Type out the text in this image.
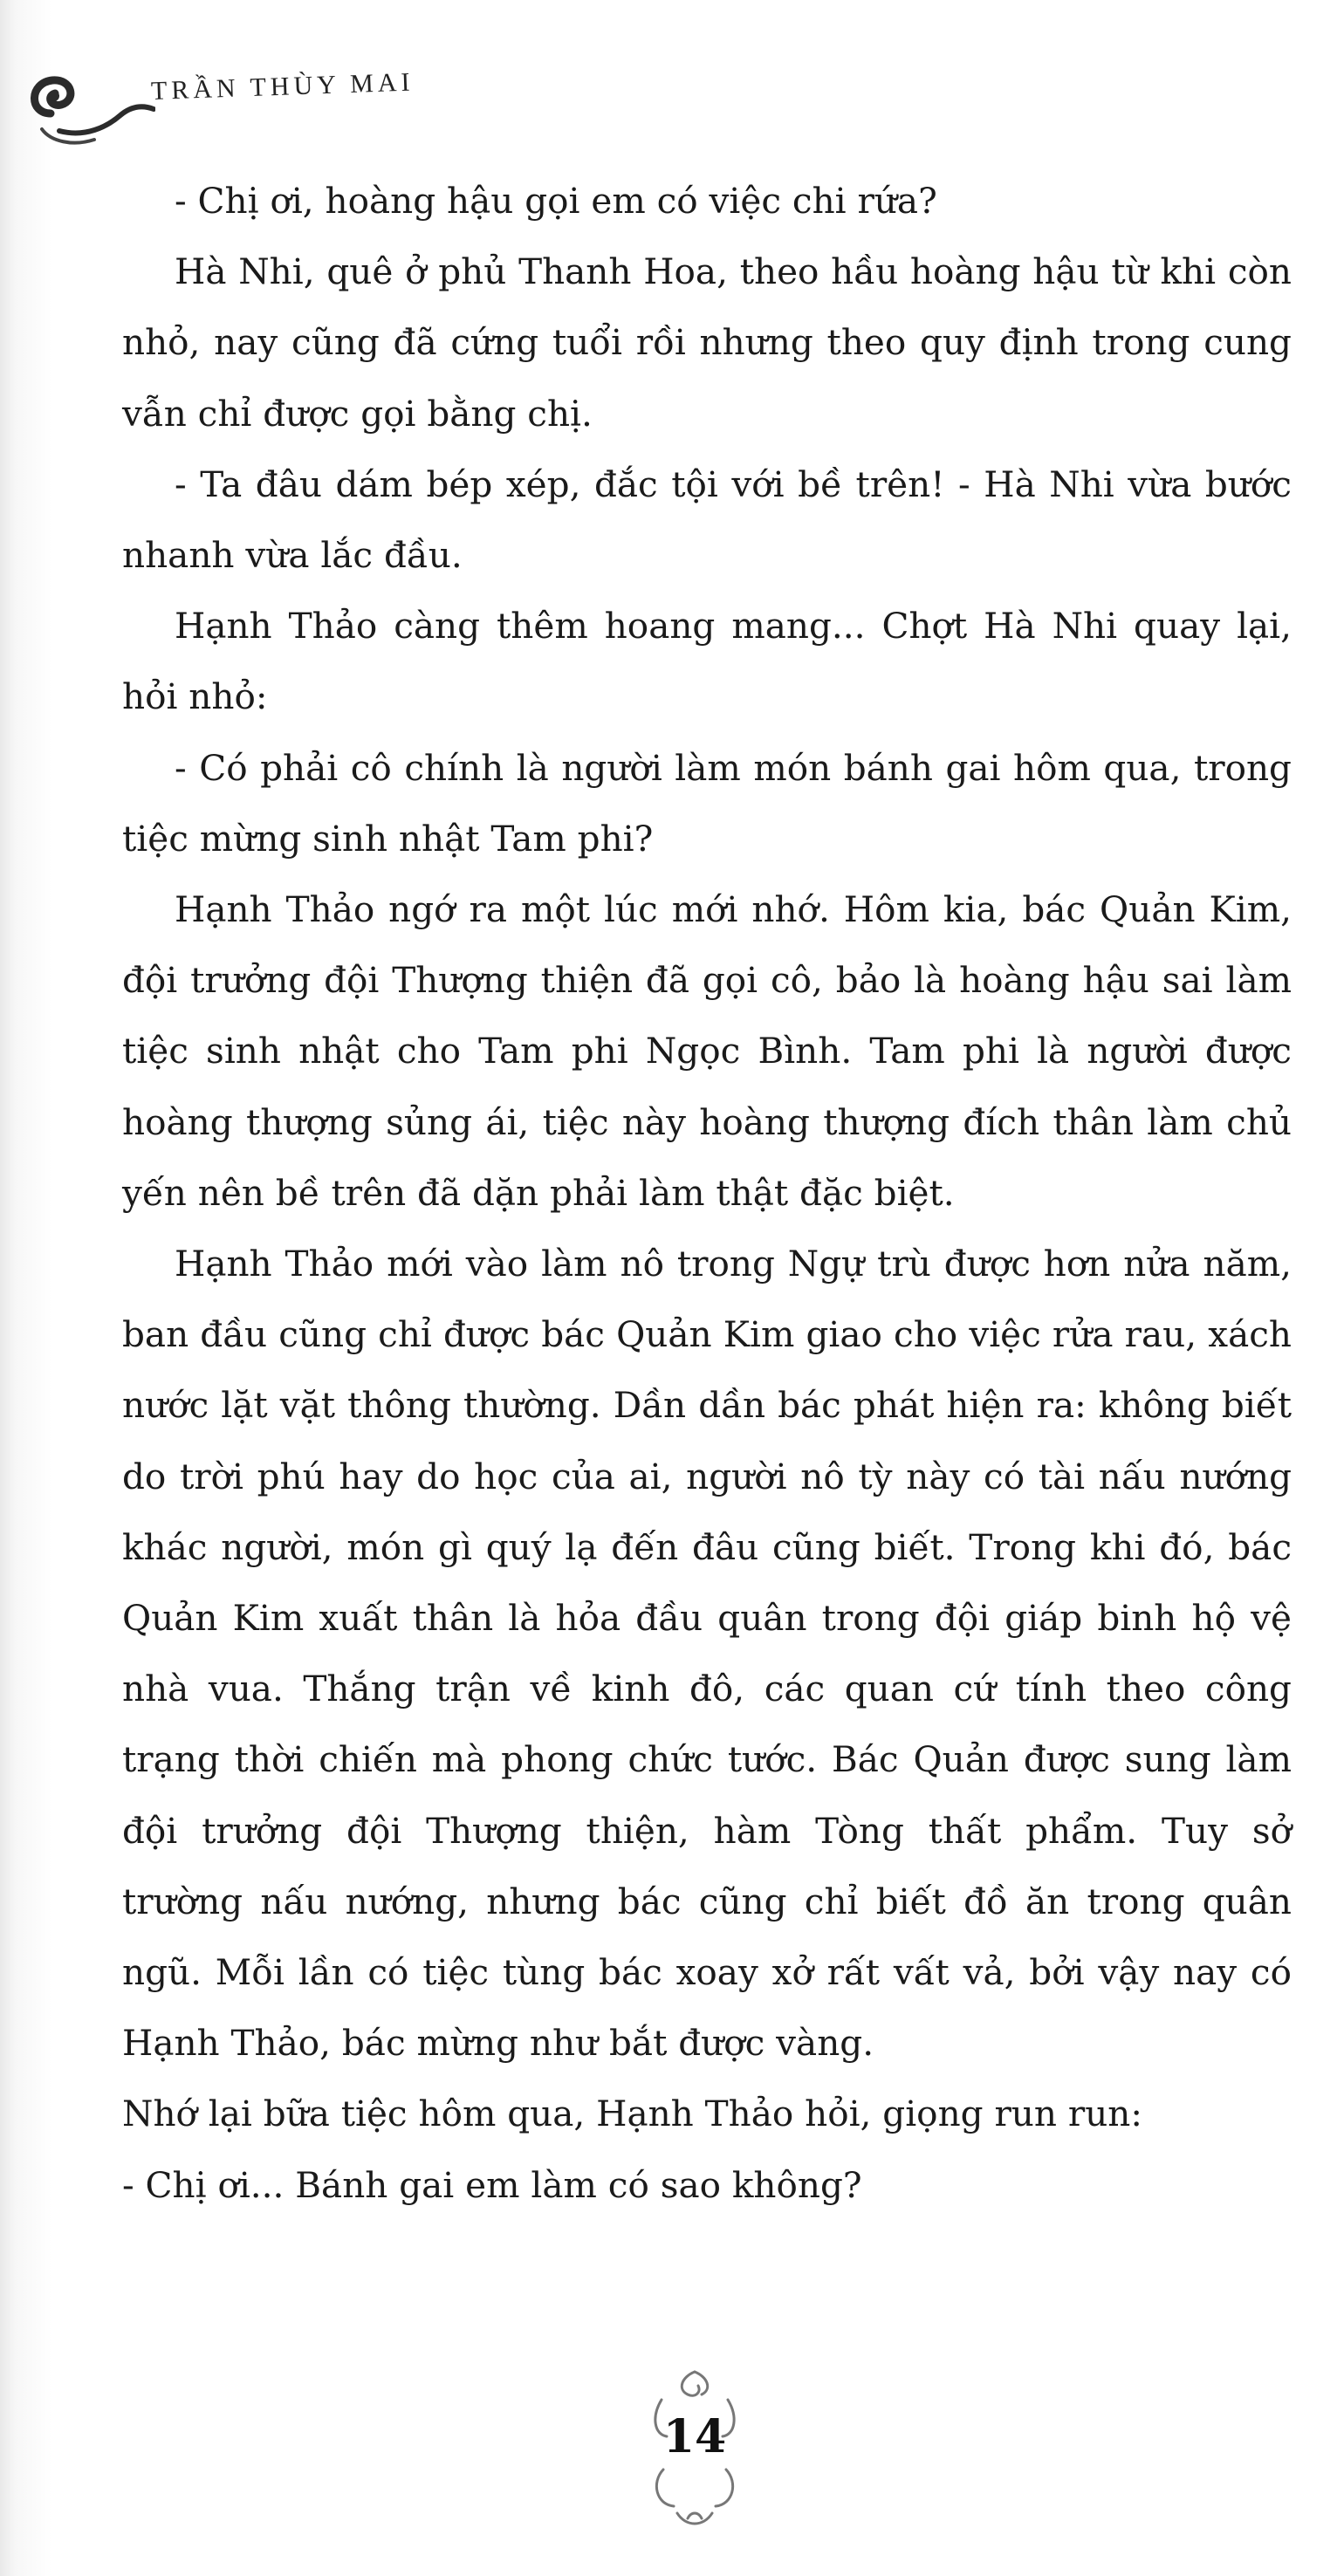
TRẦN THÙY MAI

- Chị ơi, hoàng hậu gọi em có việc chi rứa?

Hà Nhi, quê ở phủ Thanh Hoa, theo hầu hoàng hậu từ khi còn nhỏ, nay cũng đã cứng tuổi rồi nhưng theo quy định trong cung vẫn chỉ được gọi bằng chị.

- Ta đâu dám bép xép, đắc tội với bề trên! - Hà Nhi vừa bước nhanh vừa lắc đầu.

Hạnh Thảo càng thêm hoang mang... Chợt Hà Nhi quay lại, hỏi nhỏ:

- Có phải cô chính là người làm món bánh gai hôm qua, trong tiệc mừng sinh nhật Tam phi?

Hạnh Thảo ngớ ra một lúc mới nhớ. Hôm kia, bác Quản Kim, đội trưởng đội Thượng thiện đã gọi cô, bảo là hoàng hậu sai làm tiệc sinh nhật cho Tam phi Ngọc Bình. Tam phi là người được hoàng thượng sủng ái, tiệc này hoàng thượng đích thân làm chủ yến nên bề trên đã dặn phải làm thật đặc biệt.

Hạnh Thảo mới vào làm nô trong Ngự trù được hơn nửa năm, ban đầu cũng chỉ được bác Quản Kim giao cho việc rửa rau, xách nước lặt vặt thông thường. Dần dần bác phát hiện ra: không biết do trời phú hay do học của ai, người nô tỳ này có tài nấu nướng khác người, món gì quý lạ đến đâu cũng biết. Trong khi đó, bác Quản Kim xuất thân là hỏa đầu quân trong đội giáp binh hộ vệ nhà vua. Thắng trận về kinh đô, các quan cứ tính theo công trạng thời chiến mà phong chức tước. Bác Quản được sung làm đội trưởng đội Thượng thiện, hàm Tòng thất phẩm. Tuy sở trường nấu nướng, nhưng bác cũng chỉ biết đồ ăn trong quân ngũ. Mỗi lần có tiệc tùng bác xoay xở rất vất vả, bởi vậy nay có Hạnh Thảo, bác mừng như bắt được vàng.

Nhớ lại bữa tiệc hôm qua, Hạnh Thảo hỏi, giọng run run:

- Chị ơi... Bánh gai em làm có sao không?

14
